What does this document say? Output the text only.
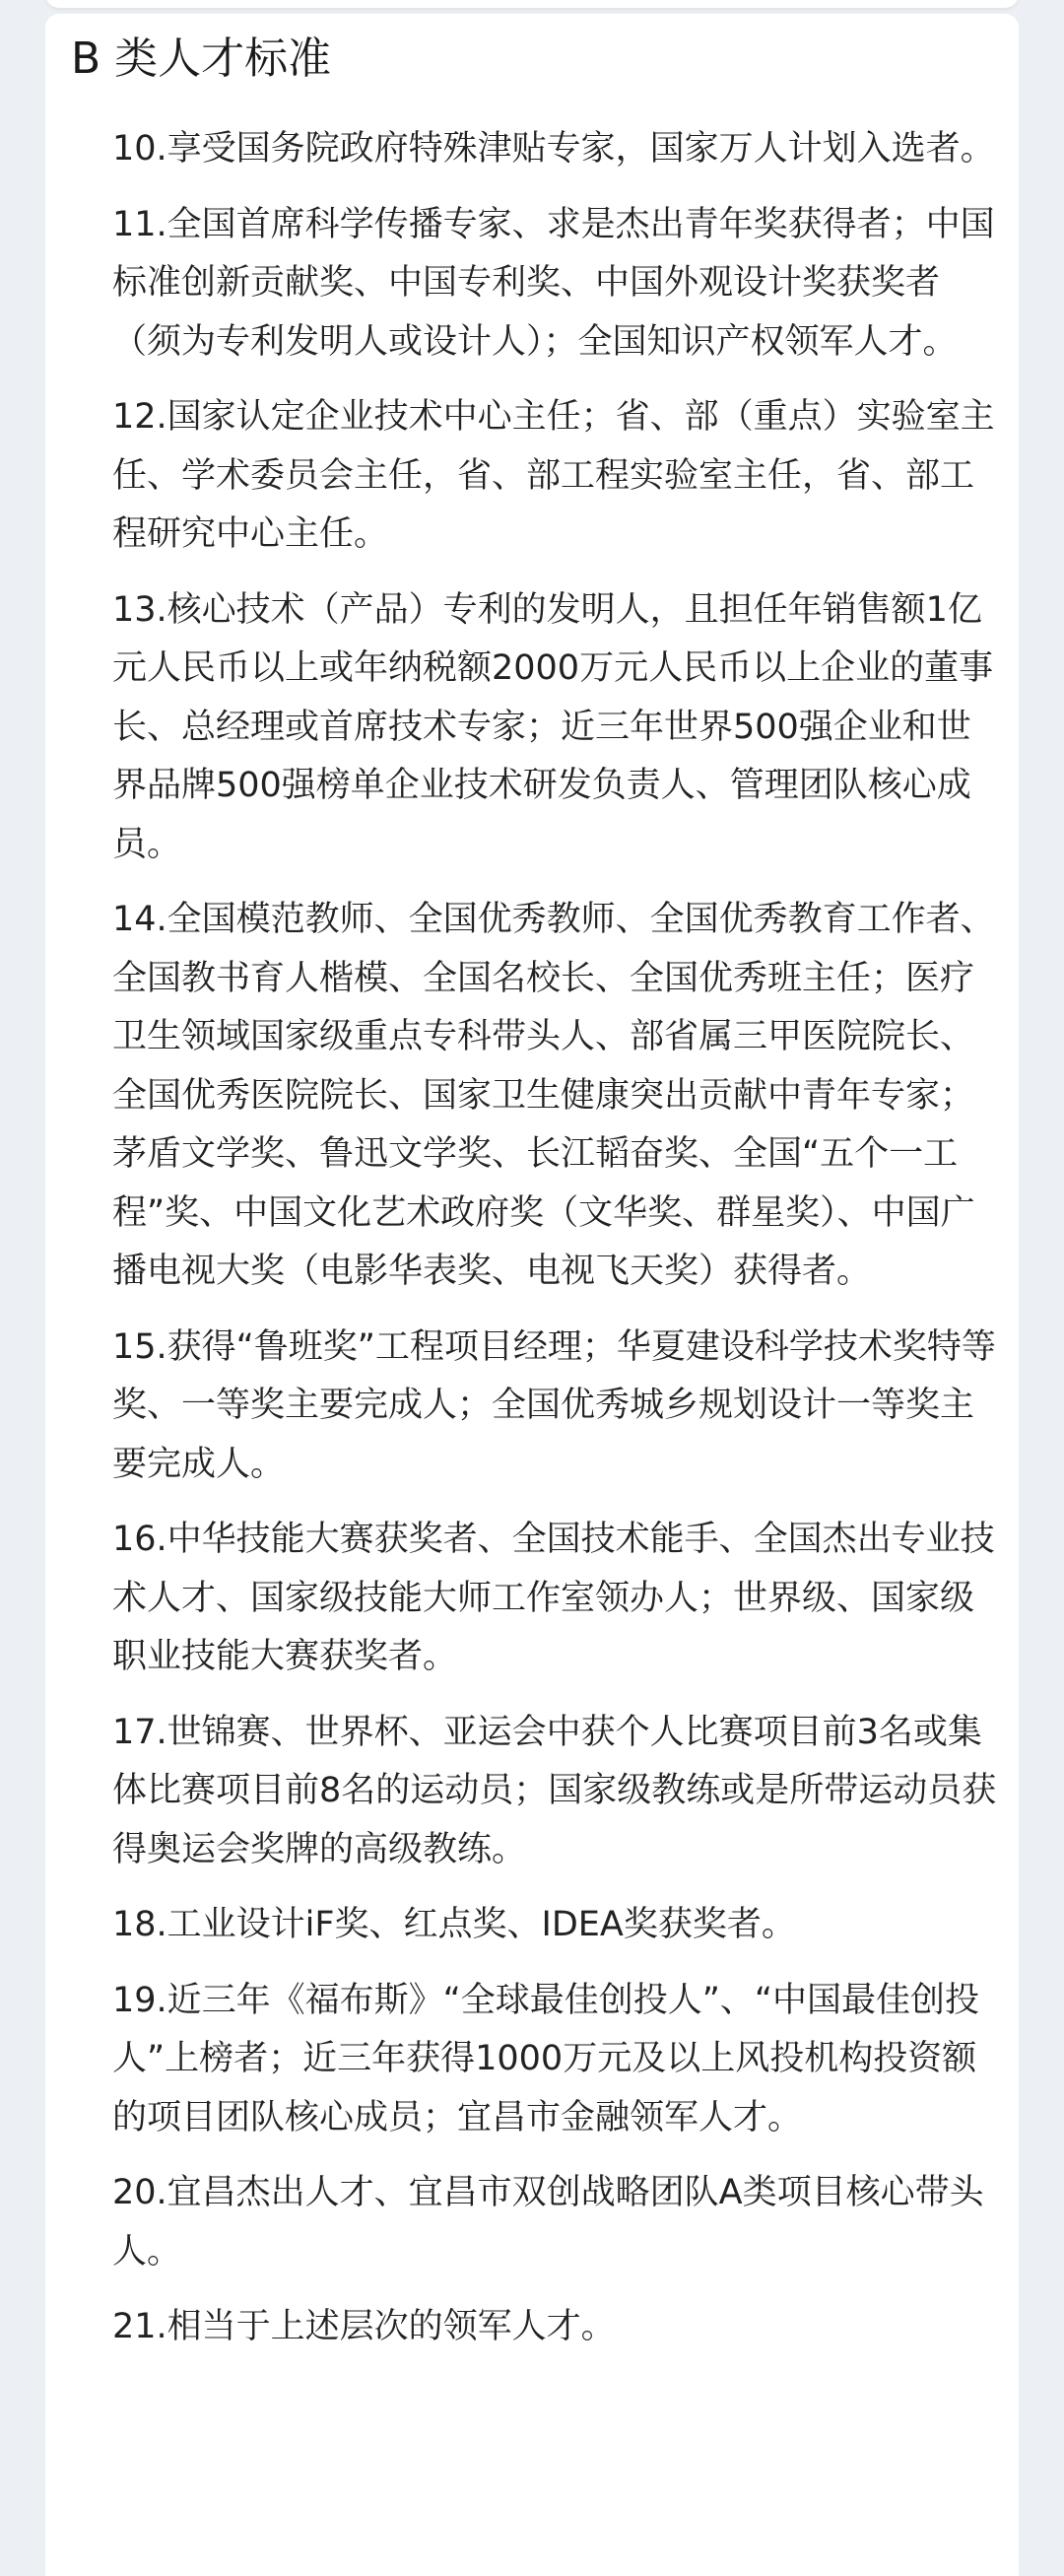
B 类人才标准

10.享受国务院政府特殊津贴专家，国家万人计划入选者。

11.全国首席科学传播专家、求是杰出青年奖获得者；中国标准创新贡献奖、中国专利奖、中国外观设计奖获奖者（须为专利发明人或设计人）；全国知识产权领军人才。

12.国家认定企业技术中心主任；省、部（重点）实验室主任、学术委员会主任，省、部工程实验室主任，省、部工程研究中心主任。

13.核心技术（产品）专利的发明人，且担任年销售额1亿元人民币以上或年纳税额2000万元人民币以上企业的董事长、总经理或首席技术专家；近三年世界500强企业和世界品牌500强榜单企业技术研发负责人、管理团队核心成员。

14.全国模范教师、全国优秀教师、全国优秀教育工作者、全国教书育人楷模、全国名校长、全国优秀班主任；医疗卫生领域国家级重点专科带头人、部省属三甲医院院长、全国优秀医院院长、国家卫生健康突出贡献中青年专家；茅盾文学奖、鲁迅文学奖、长江韬奋奖、全国“五个一工程”奖、中国文化艺术政府奖（文华奖、群星奖）、中国广播电视大奖（电影华表奖、电视飞天奖）获得者。

15.获得“鲁班奖”工程项目经理；华夏建设科学技术奖特等奖、一等奖主要完成人；全国优秀城乡规划设计一等奖主要完成人。

16.中华技能大赛获奖者、全国技术能手、全国杰出专业技术人才、国家级技能大师工作室领办人；世界级、国家级职业技能大赛获奖者。

17.世锦赛、世界杯、亚运会中获个人比赛项目前3名或集体比赛项目前8名的运动员；国家级教练或是所带运动员获得奥运会奖牌的高级教练。

18.工业设计iF奖、红点奖、IDEA奖获奖者。

19.近三年《福布斯》“全球最佳创投人”、“中国最佳创投人”上榜者；近三年获得1000万元及以上风投机构投资额的项目团队核心成员；宜昌市金融领军人才。

20.宜昌杰出人才、宜昌市双创战略团队A类项目核心带头人。

21.相当于上述层次的领军人才。
